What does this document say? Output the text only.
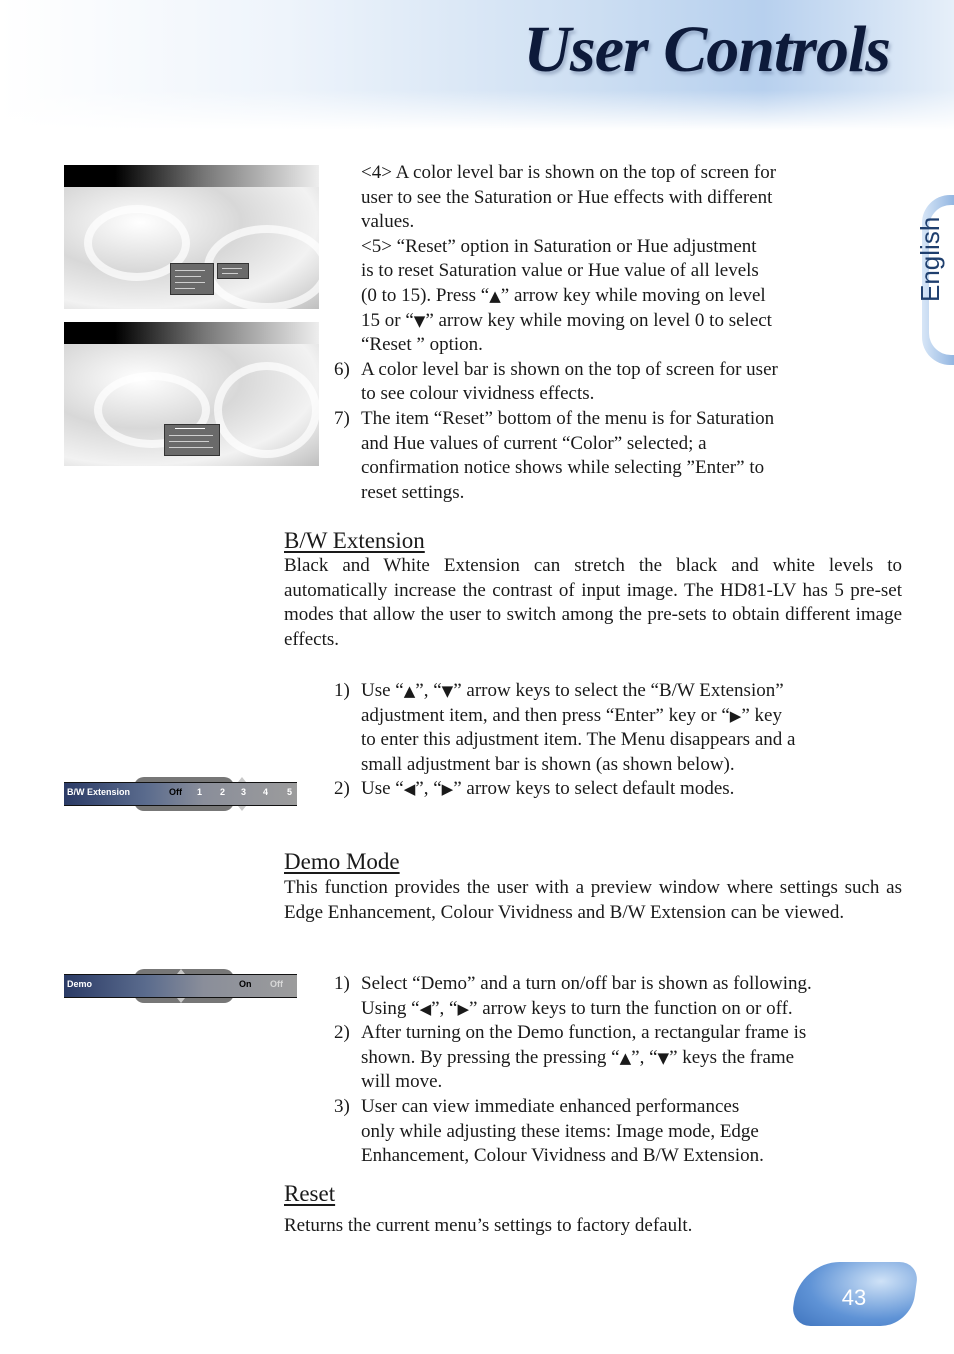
User Controls
English
<4> A color level bar is shown on the top of screen for
user to see the Saturation or Hue effects with different
values.
<5> “Reset” option in Saturation or Hue adjustment
is to reset Saturation value or Hue value of all levels
(0 to 15). Press “▲” arrow key while moving on level
15 or “▼” arrow key while moving on level 0 to select
“Reset ” option.
6) A color level bar is shown on the top of screen for user
to see colour vividness effects.
7) The item “Reset” bottom of the menu is for Saturation
and Hue values of current “Color” selected; a
confirmation notice shows while selecting ”Enter” to
reset settings.
B/W Extension
Black and White Extension can stretch the black and white levels to automatically increase the contrast of input image. The HD81-LV has 5 pre-set modes that allow the user to switch among the pre-sets to obtain different image effects.
1) Use “▲”, “▼” arrow keys to select the “B/W Extension”
adjustment item, and then press “Enter” key or “▶” key
to enter this adjustment item. The Menu disappears and a
small adjustment bar is shown (as shown below).
2) Use “◀”, “▶” arrow keys to select default modes.
B/W Extension	Off 1 2 3 4 5
Demo Mode
This function provides the user with a preview window where settings such as Edge Enhancement, Colour Vividness and B/W Extension can be viewed.
Demo	On Off	1) Select “Demo” and a turn on/off bar is shown as following.
Using “◀”, “▶” arrow keys to turn the function on or off.
2) After turning on the Demo function, a rectangular frame is
shown. By pressing the pressing “▲”, “▼” keys the frame
will move.
3) User can view immediate enhanced performances
only while adjusting these items: Image mode, Edge
Enhancement, Colour Vividness and B/W Extension.
Reset
Returns the current menu’s settings to factory default.
43
